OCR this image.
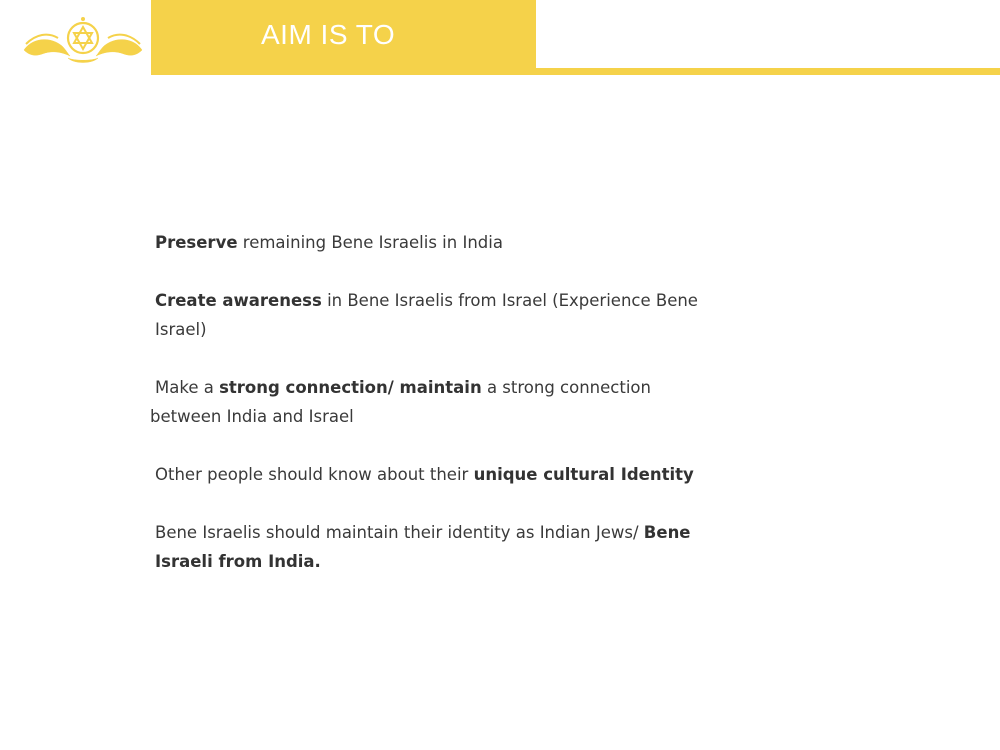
AIM IS TO

Preserve remaining Bene Israelis in India

Create awareness in Bene Israelis from Israel (Experience Bene Israel)

Make a strong connection/ maintain a strong connection between India and Israel

Other people should know about their unique cultural Identity

Bene Israelis should maintain their identity as Indian Jews/ Bene Israeli from India.
